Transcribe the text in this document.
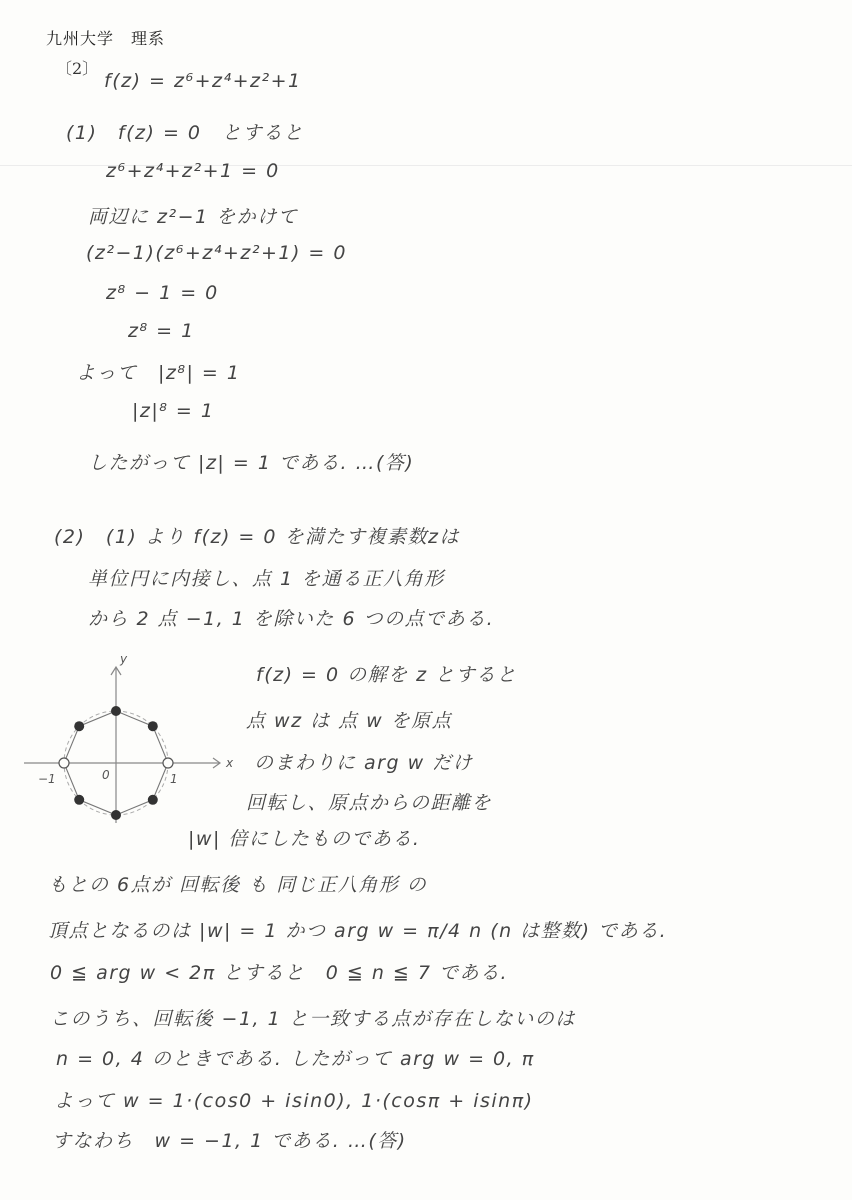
九州大学　理系
〔2〕
f(z) = z⁶+z⁴+z²+1
(1)　f(z) = 0　とすると
z⁶+z⁴+z²+1 = 0
両辺に z²−1 をかけて
(z²−1)(z⁶+z⁴+z²+1) = 0
z⁸ − 1 = 0
z⁸ = 1
よって　|z⁸| = 1
|z|⁸ = 1
したがって |z| = 1 である. …(答)
(2)　(1) より f(z) = 0 を満たす複素数zは
単位円に内接し、点 1 を通る正八角形
から 2 点 −1, 1 を除いた 6 つの点である.
y
x
0
−1	1
f(z) = 0 の解を z とすると
点 wz は 点 w を原点
のまわりに arg w だけ
回転し、原点からの距離を
|w| 倍にしたものである.
もとの 6点が 回転後 も 同じ正八角形 の
頂点となるのは |w| = 1 かつ arg w = π/4 n (n は整数) である.
0 ≦ arg w < 2π とすると　0 ≦ n ≦ 7 である.
このうち、回転後 −1, 1 と一致する点が存在しないのは
n = 0, 4 のときである. したがって arg w = 0, π
よって w = 1·(cos0 + isin0), 1·(cosπ + isinπ)
すなわち　w = −1, 1 である. …(答)
